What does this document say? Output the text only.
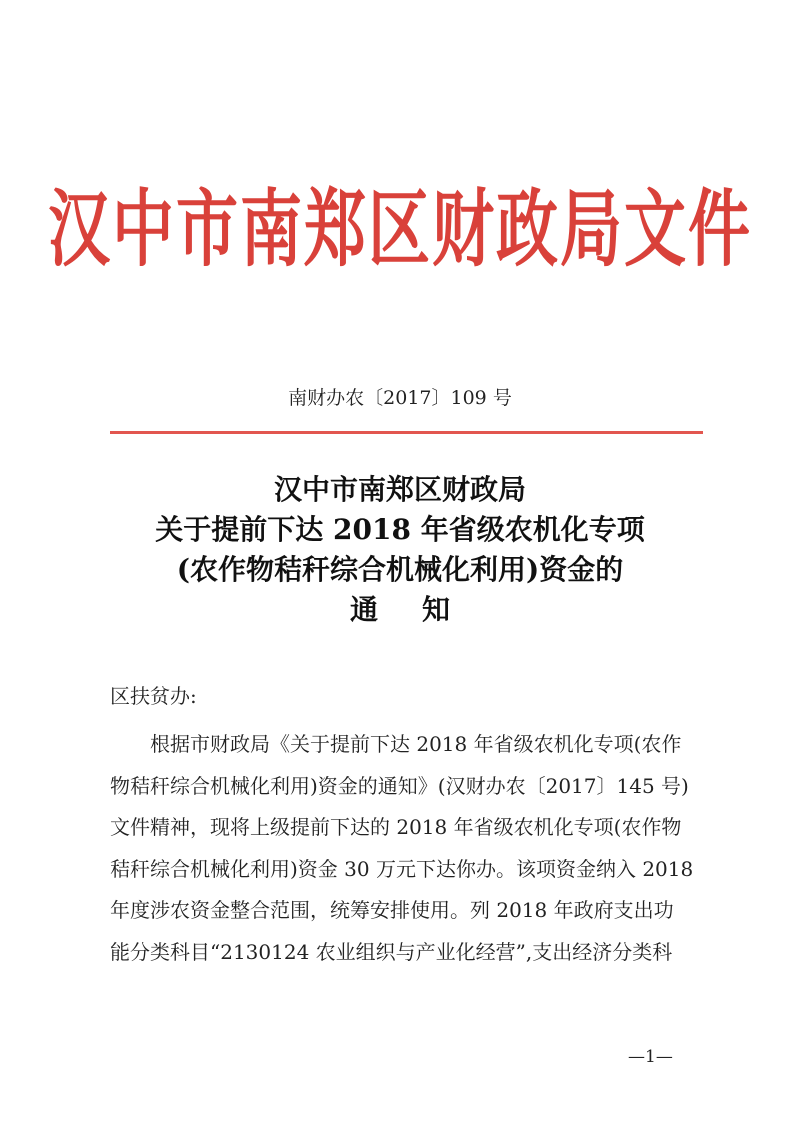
汉中市南郑区财政局文件
南财办农〔2017〕109 号
汉中市南郑区财政局
关于提前下达 2018 年省级农机化专项
(农作物秸秆综合机械化利用)资金的
通知
区扶贫办:
根据市财政局《关于提前下达 2018 年省级农机化专项(农作
物秸秆综合机械化利用)资金的通知》(汉财办农〔2017〕145 号)
文件精神，现将上级提前下达的 2018 年省级农机化专项(农作物
秸秆综合机械化利用)资金 30 万元下达你办。该项资金纳入 2018
年度涉农资金整合范围，统筹安排使用。列 2018 年政府支出功
能分类科目“2130124 农业组织与产业化经营”,支出经济分类科
—1—
